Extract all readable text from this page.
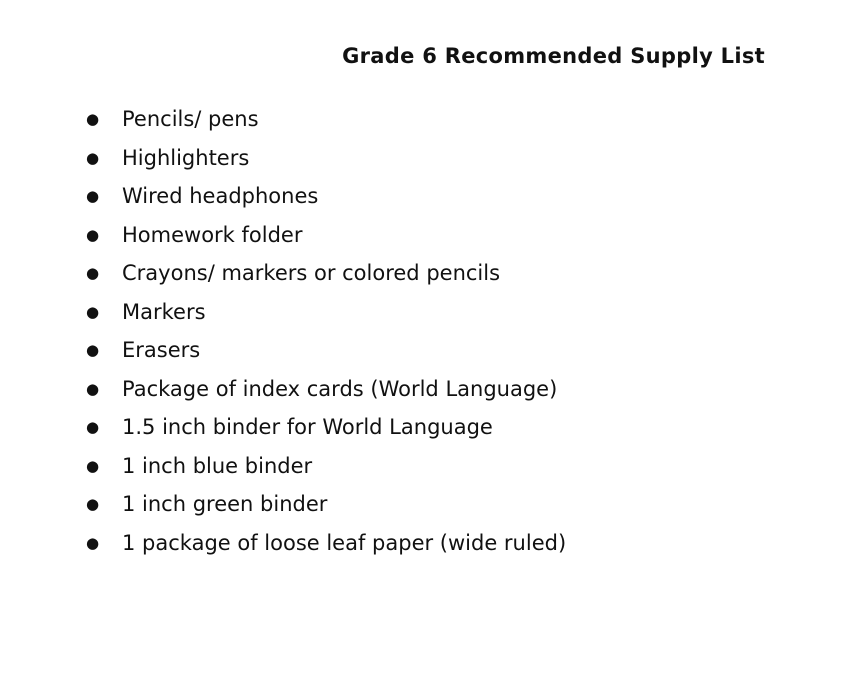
Grade 6 Recommended Supply List
●	Pencils/ pens
●	Highlighters
●	Wired headphones
●	Homework folder
●	Crayons/ markers or colored pencils
●	Markers
●	Erasers
●	Package of index cards (World Language)
●	1.5 inch binder for World Language
●	1 inch blue binder
●	1 inch green binder
●	1 package of loose leaf paper (wide ruled)
